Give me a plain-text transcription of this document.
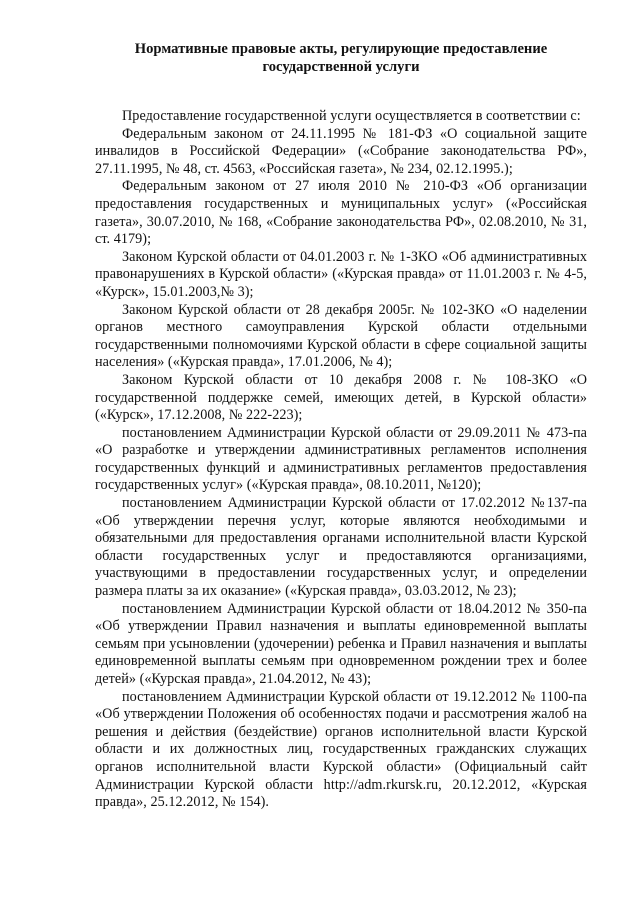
Нормативные правовые акты, регулирующие предоставление
государственной услуги

Предоставление государственной услуги осуществляется в соответствии с:

Федеральным законом от 24.11.1995 № 181-ФЗ «О социальной защите инвалидов в Российской Федерации» («Собрание законодательства РФ», 27.11.1995, № 48, ст. 4563, «Российская газета», № 234, 02.12.1995.);

Федеральным законом от 27 июля 2010 № 210-ФЗ «Об организации предоставления государственных и муниципальных услуг» («Российская газета», 30.07.2010, № 168, «Собрание законодательства РФ», 02.08.2010, № 31, ст. 4179);

Законом Курской области от 04.01.2003 г. № 1-ЗКО «Об административных правонарушениях в Курской области» («Курская правда» от 11.01.2003 г. № 4-5, «Курск», 15.01.2003,№ 3);

Законом Курской области от 28 декабря 2005г. № 102-ЗКО «О наделении органов местного самоуправления Курской области отдельными государственными полномочиями Курской области в сфере социальной защиты населения» («Курская правда», 17.01.2006, № 4);

Законом Курской области от 10 декабря 2008 г. № 108-ЗКО «О государственной поддержке семей, имеющих детей, в Курской области» («Курск», 17.12.2008, № 222-223);

постановлением Администрации Курской области от 29.09.2011 № 473-па «О разработке и утверждении административных регламентов исполнения государственных функций и административных регламентов предоставления государственных услуг» («Курская правда», 08.10.2011, №120);

постановлением Администрации Курской области от 17.02.2012 №137-па «Об утверждении перечня услуг, которые являются необходимыми и обязательными для предоставления органами исполнительной власти Курской области государственных услуг и предоставляются организациями, участвующими в предоставлении государственных услуг, и определении размера платы за их оказание» («Курская правда», 03.03.2012, № 23);

постановлением Администрации Курской области от 18.04.2012 № 350-па «Об утверждении Правил назначения и выплаты единовременной выплаты семьям при усыновлении (удочерении) ребенка и Правил назначения и выплаты единовременной выплаты семьям при одновременном рождении трех и более детей» («Курская правда», 21.04.2012, № 43);

постановлением Администрации Курской области от 19.12.2012 № 1100-па «Об утверждении Положения об особенностях подачи и рассмотрения жалоб на решения и действия (бездействие) органов исполнительной власти Курской области и их должностных лиц, государственных гражданских служащих органов исполнительной власти Курской области» (Официальный сайт Администрации Курской области http://adm.rkursk.ru, 20.12.2012, «Курская правда», 25.12.2012, № 154).
